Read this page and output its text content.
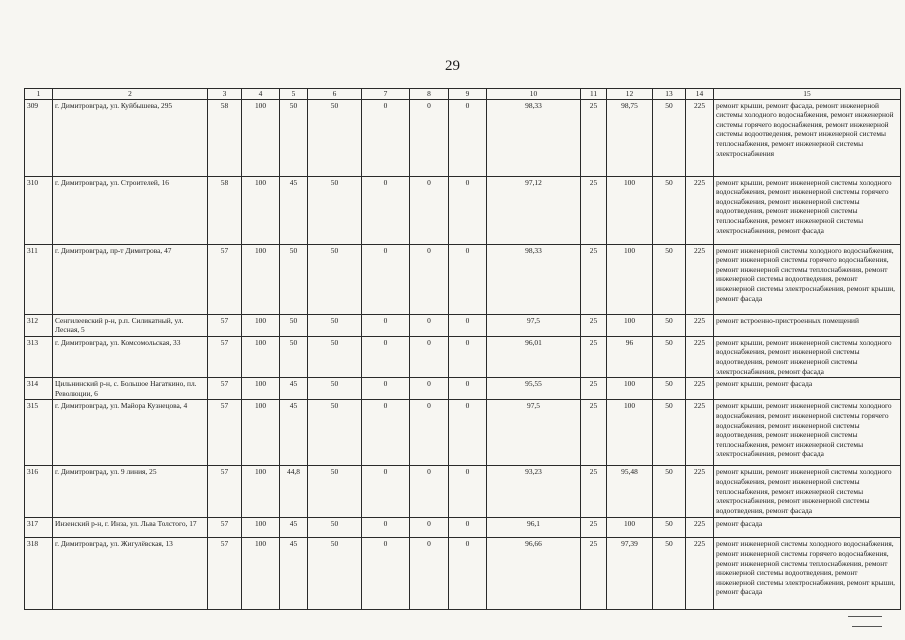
29
1	2	3	4	5	6	7	8	9	10	11	12	13	14	15
309	г. Димитровград, ул. Куйбышева, 295	58	100	50	50	0	0	0	98,33	25	98,75	50	225	ремонт крыши, ремонт фасада, ремонт инженерной системы холодного водоснабжения, ремонт инженерной системы горячего водоснабжения, ремонт инженерной системы водоотведения, ремонт инженерной системы теплоснабжения, ремонт инженерной системы электроснабжения
310	г. Димитровград, ул. Строителей, 16	58	100	45	50	0	0	0	97,12	25	100	50	225	ремонт крыши, ремонт инженерной системы холодного водоснабжения, ремонт инженерной системы горячего водоснабжения, ремонт инженерной системы водоотведения, ремонт инженерной системы теплоснабжения, ремонт инженерной системы электроснабжения, ремонт фасада
311	г. Димитровград, пр-т Димитрова, 47	57	100	50	50	0	0	0	98,33	25	100	50	225	ремонт инженерной системы холодного водоснабжения, ремонт инженерной системы горячего водоснабжения, ремонт инженерной системы теплоснабжения, ремонт инженерной системы водоотведения, ремонт инженерной системы электроснабжения, ремонт крыши, ремонт фасада
312	Сенгилеевский р-н, р.п. Силикатный, ул. Лесная, 5	57	100	50	50	0	0	0	97,5	25	100	50	225	ремонт встроенно-пристроенных помещений
313	г. Димитровград, ул. Комсомольская, 33	57	100	50	50	0	0	0	96,01	25	96	50	225	ремонт крыши, ремонт инженерной системы холодного водоснабжения, ремонт инженерной системы водоотведения, ремонт инженерной системы электроснабжения, ремонт фасада
314	Цильнинский р-н, с. Большое Нагаткино, пл. Революции, 6	57	100	45	50	0	0	0	95,55	25	100	50	225	ремонт крыши, ремонт фасада
315	г. Димитровград, ул. Майора Кузнецова, 4	57	100	45	50	0	0	0	97,5	25	100	50	225	ремонт крыши, ремонт инженерной системы холодного водоснабжения, ремонт инженерной системы горячего водоснабжения, ремонт инженерной системы водоотведения, ремонт инженерной системы теплоснабжения, ремонт инженерной системы электроснабжения, ремонт фасада
316	г. Димитровград, ул. 9 линия, 25	57	100	44,8	50	0	0	0	93,23	25	95,48	50	225	ремонт крыши, ремонт инженерной системы холодного водоснабжения, ремонт инженерной системы теплоснабжения, ремонт инженерной системы электроснабжения, ремонт инженерной системы водоотведения, ремонт фасада
317	Инзенский р-н, г. Инза, ул. Льва Толстого, 17	57	100	45	50	0	0	0	96,1	25	100	50	225	ремонт фасада
318	г. Димитровград, ул. Жигулёвская, 13	57	100	45	50	0	0	0	96,66	25	97,39	50	225	ремонт инженерной системы холодного водоснабжения, ремонт инженерной системы горячего водоснабжения, ремонт инженерной системы теплоснабжения, ремонт инженерной системы водоотведения, ремонт инженерной системы электроснабжения, ремонт крыши, ремонт фасада
